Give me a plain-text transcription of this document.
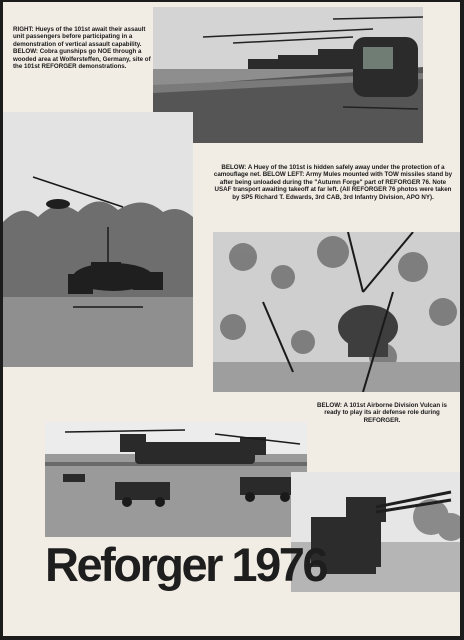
RIGHT: Hueys of the 101st await their assault unit passengers before participating in a demonstration of vertical assault capability.

BELOW: Cobra gunships go NOE through a wooded area at Wolfersteffen, Germany, site of the 101st REFORGER demonstrations.

BELOW: A Huey of the 101st is hidden safely away under the protection of a camouflage net. BELOW LEFT: Army Mules mounted with TOW missiles stand by after being unloaded during the "Autumn Forge" part of REFORGER 76. Note USAF transport awaiting takeoff at far left. (All REFORGER 76 photos were taken by SP5 Richard T. Edwards, 3rd CAB, 3rd Infantry Division, APO NY).

BELOW: A 101st Airborne Division Vulcan is ready to play its air defense role during REFORGER.

Reforger 1976
